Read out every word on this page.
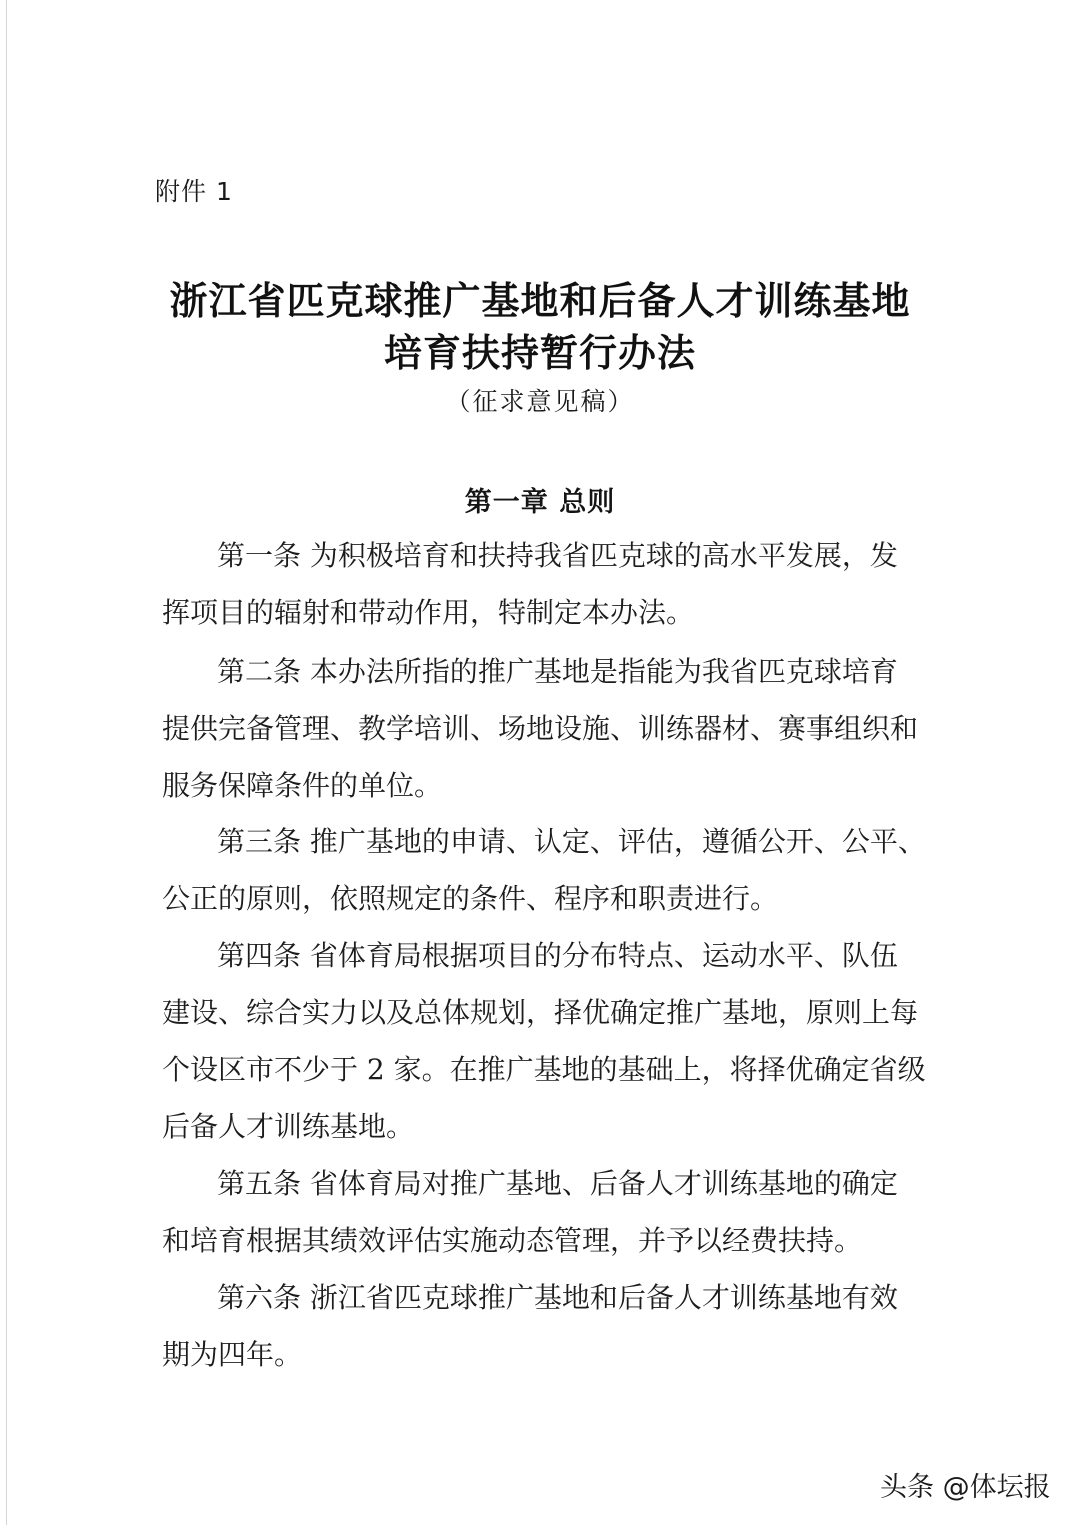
附件 1
浙江省匹克球推广基地和后备人才训练基地
培育扶持暂行办法
（征求意见稿）
第一章 总则
第一条 为积极培育和扶持我省匹克球的高水平发展，发
挥项目的辐射和带动作用，特制定本办法。
第二条 本办法所指的推广基地是指能为我省匹克球培育
提供完备管理、教学培训、场地设施、训练器材、赛事组织和
服务保障条件的单位。
第三条 推广基地的申请、认定、评估，遵循公开、公平、
公正的原则，依照规定的条件、程序和职责进行。
第四条 省体育局根据项目的分布特点、运动水平、队伍
建设、综合实力以及总体规划，择优确定推广基地，原则上每
个设区市不少于 2 家。在推广基地的基础上，将择优确定省级
后备人才训练基地。
第五条 省体育局对推广基地、后备人才训练基地的确定
和培育根据其绩效评估实施动态管理，并予以经费扶持。
第六条 浙江省匹克球推广基地和后备人才训练基地有效
期为四年。
头条 @体坛报
